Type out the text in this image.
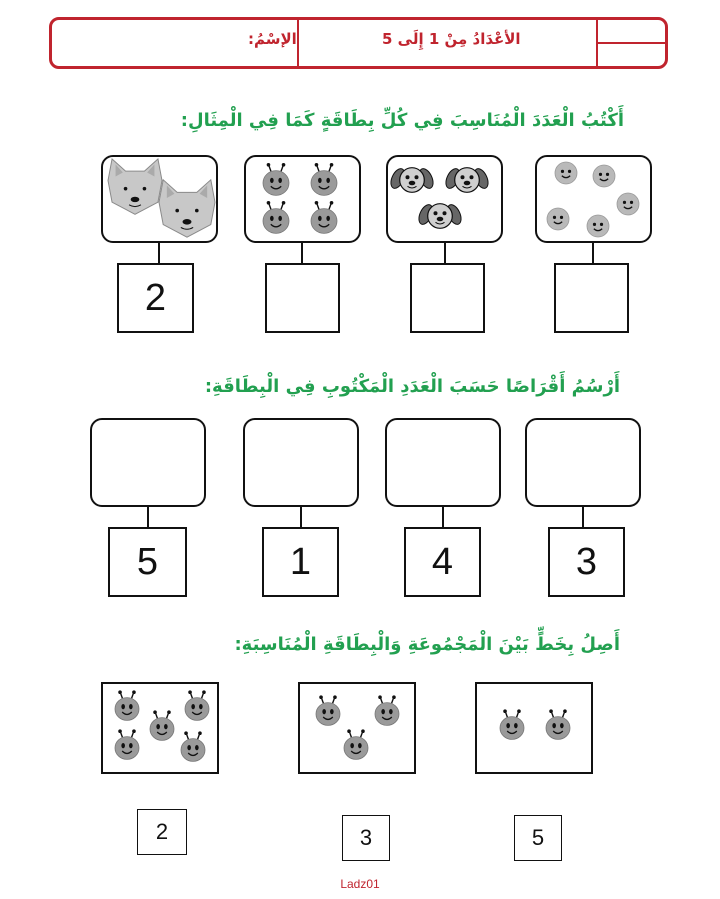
الأعْدَادُ مِنْ 1 إِلَى 5
الإسْمُ:
أَكْتُبُ الْعَدَدَ الْمُنَاسِبَ فِي كُلِّ بِطَاقَةٍ كَمَا فِي الْمِثَالِ:
2
أَرْسُمُ أَقْرَاصًا حَسَبَ الْعَدَدِ الْمَكْتُوبِ فِي الْبِطَاقَةِ:
5	1	4	3
أَصِلُ بِخَطٍّ بَيْنَ الْمَجْمُوعَةِ وَالْبِطَاقَةِ الْمُنَاسِبَةِ:
2	3	5
Ladz01
